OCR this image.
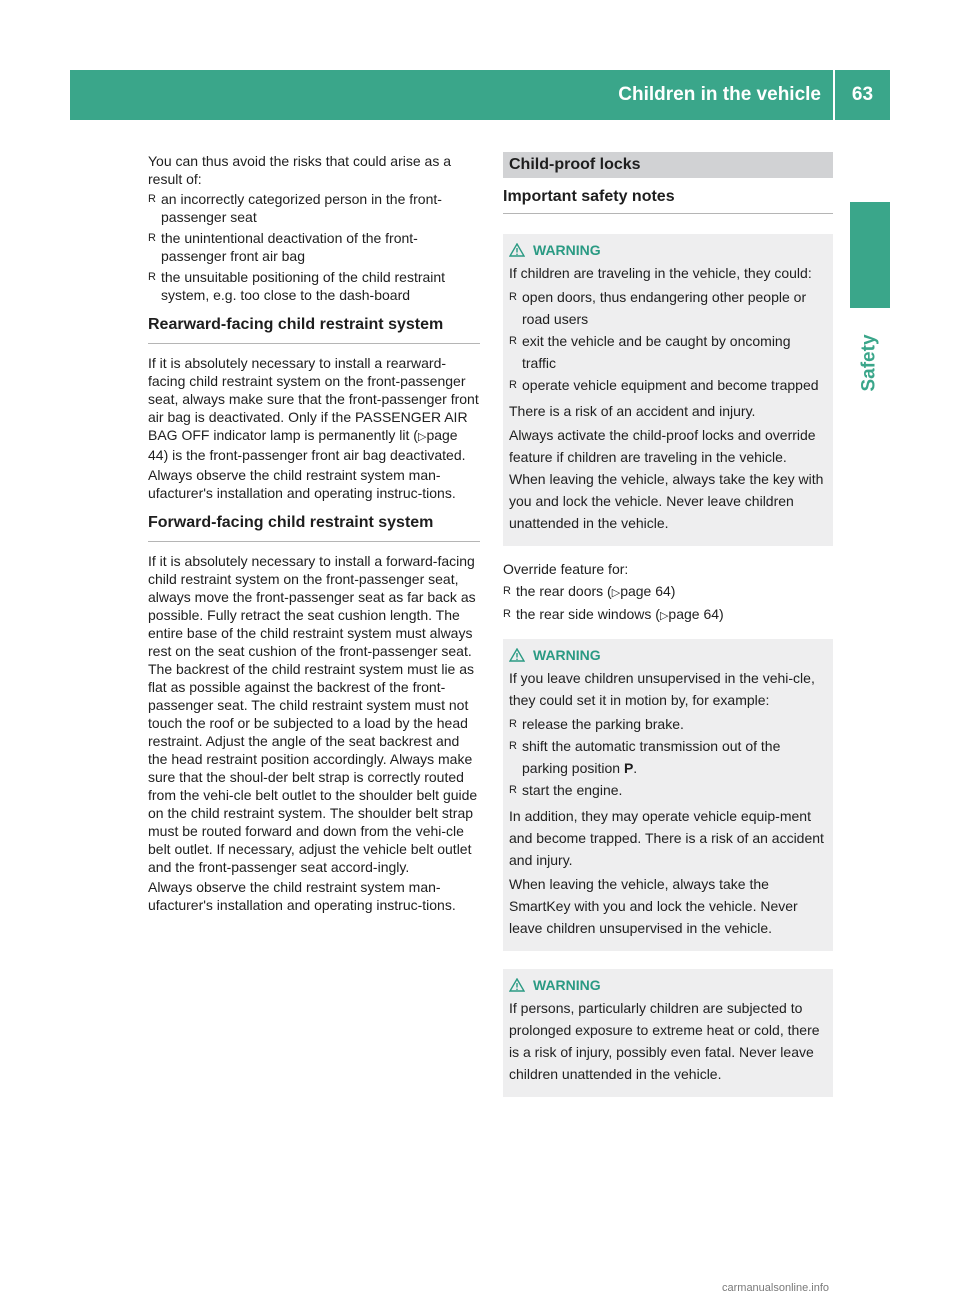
Children in the vehicle	63
Safety

You can thus avoid the risks that could arise as a result of:

R an incorrectly categorized person in the front-passenger seat
R the unintentional deactivation of the front-passenger front air bag
R the unsuitable positioning of the child restraint system, e.g. too close to the dash-board
Rearward-facing child restraint system

If it is absolutely necessary to install a rearward-facing child restraint system on the front-passenger seat, always make sure that the front-passenger front air bag is deactivated. Only if the PASSENGER AIR BAG OFF indicator lamp is permanently lit (▷page 44) is the front-passenger front air bag deactivated.

Always observe the child restraint system man-ufacturer's installation and operating instruc-tions.

Forward-facing child restraint system

If it is absolutely necessary to install a forward-facing child restraint system on the front-passenger seat, always move the front-passenger seat as far back as possible. Fully retract the seat cushion length. The entire base of the child restraint system must always rest on the seat cushion of the front-passenger seat. The backrest of the child restraint system must lie as flat as possible against the backrest of the front-passenger seat. The child restraint system must not touch the roof or be subjected to a load by the head restraint. Adjust the angle of the seat backrest and the head restraint position accordingly. Always make sure that the shoul-der belt strap is correctly routed from the vehi-cle belt outlet to the shoulder belt guide on the child restraint system. The shoulder belt strap must be routed forward and down from the vehi-cle belt outlet. If necessary, adjust the vehicle belt outlet and the front-passenger seat accord-ingly.

Always observe the child restraint system man-ufacturer's installation and operating instruc-tions.

Child-proof locks
Important safety notes
WARNING

If children are traveling in the vehicle, they could:

R open doors, thus endangering other people or road users
R exit the vehicle and be caught by oncoming traffic
R operate vehicle equipment and become trapped

There is a risk of an accident and injury.

Always activate the child-proof locks and override feature if children are traveling in the vehicle. When leaving the vehicle, always take the key with you and lock the vehicle. Never leave children unattended in the vehicle.

Override feature for:

R the rear doors (▷page 64)
R the rear side windows (▷page 64)
WARNING

If you leave children unsupervised in the vehi-cle, they could set it in motion by, for example:

R release the parking brake.
R shift the automatic transmission out of the parking position P.
R start the engine.

In addition, they may operate vehicle equip-ment and become trapped. There is a risk of an accident and injury.

When leaving the vehicle, always take the SmartKey with you and lock the vehicle. Never leave children unsupervised in the vehicle.

WARNING

If persons, particularly children are subjected to prolonged exposure to extreme heat or cold, there is a risk of injury, possibly even fatal. Never leave children unattended in the vehicle.

carmanualsonline.info
